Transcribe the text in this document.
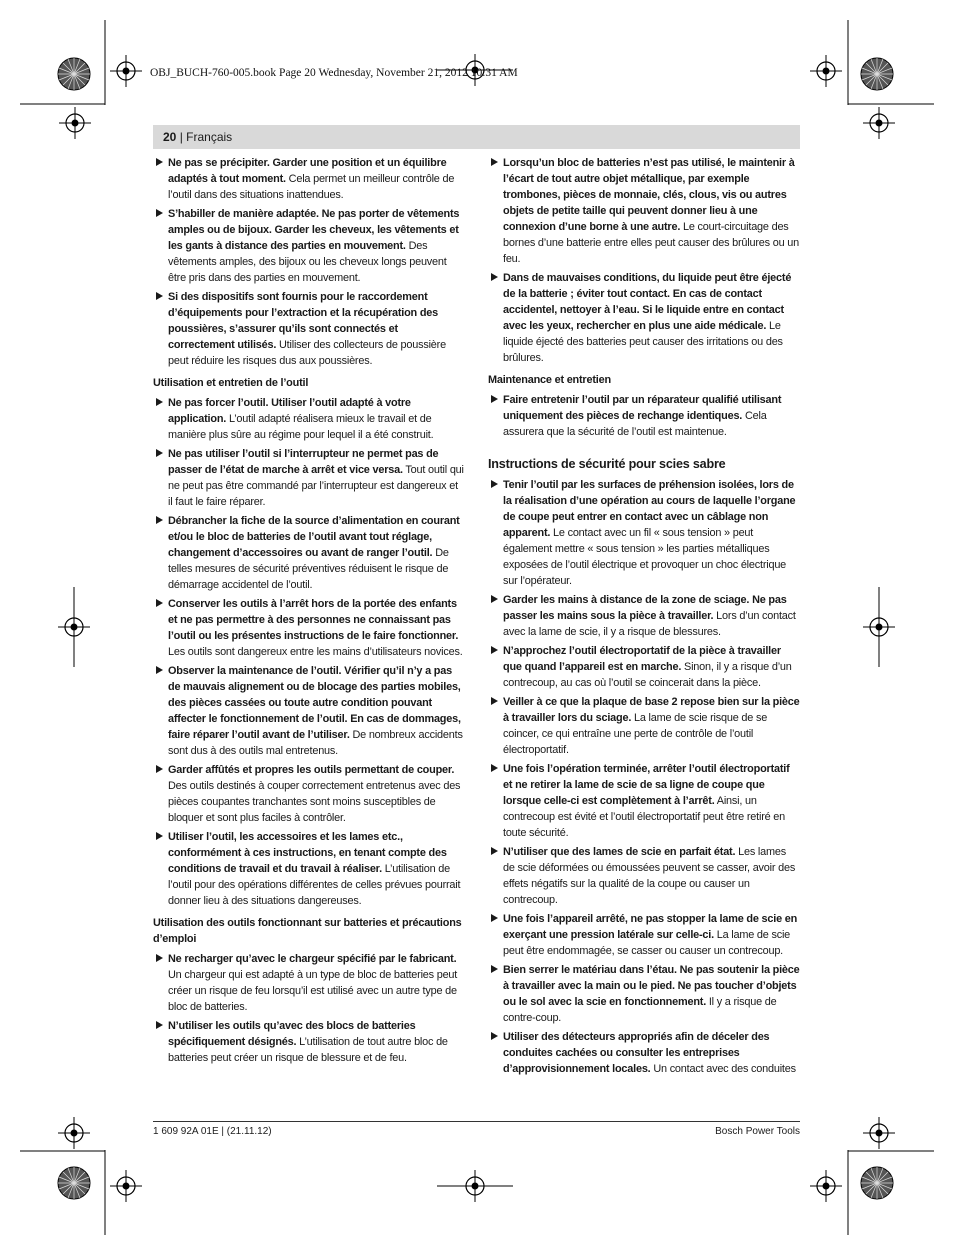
OBJ_BUCH-760-005.book Page 20 Wednesday, November 21, 2012 10:31 AM
20 | Français
Ne pas se précipiter. Garder une position et un équilibre adaptés à tout moment. Cela permet un meilleur contrôle de l’outil dans des situations inattendues.
S’habiller de manière adaptée. Ne pas porter de vêtements amples ou de bijoux. Garder les cheveux, les vêtements et les gants à distance des parties en mouvement. Des vêtements amples, des bijoux ou les cheveux longs peuvent être pris dans des parties en mouvement.
Si des dispositifs sont fournis pour le raccordement d’équipements pour l’extraction et la récupération des poussières, s’assurer qu’ils sont connectés et correctement utilisés. Utiliser des collecteurs de poussière peut réduire les risques dus aux poussières.
Utilisation et entretien de l’outil
Ne pas forcer l’outil. Utiliser l’outil adapté à votre application. L’outil adapté réalisera mieux le travail et de manière plus sûre au régime pour lequel il a été construit.
Ne pas utiliser l’outil si l’interrupteur ne permet pas de passer de l’état de marche à arrêt et vice versa. Tout outil qui ne peut pas être commandé par l’interrupteur est dangereux et il faut le faire réparer.
Débrancher la fiche de la source d’alimentation en courant et/ou le bloc de batteries de l’outil avant tout réglage, changement d’accessoires ou avant de ranger l’outil. De telles mesures de sécurité préventives réduisent le risque de démarrage accidentel de l’outil.
Conserver les outils à l’arrêt hors de la portée des enfants et ne pas permettre à des personnes ne connaissant pas l’outil ou les présentes instructions de le faire fonctionner. Les outils sont dangereux entre les mains d’utilisateurs novices.
Observer la maintenance de l’outil. Vérifier qu’il n’y a pas de mauvais alignement ou de blocage des parties mobiles, des pièces cassées ou toute autre condition pouvant affecter le fonctionnement de l’outil. En cas de dommages, faire réparer l’outil avant de l’utiliser. De nombreux accidents sont dus à des outils mal entretenus.
Garder affûtés et propres les outils permettant de couper. Des outils destinés à couper correctement entretenus avec des pièces coupantes tranchantes sont moins susceptibles de bloquer et sont plus faciles à contrôler.
Utiliser l’outil, les accessoires et les lames etc., conformément à ces instructions, en tenant compte des conditions de travail et du travail à réaliser. L’utilisation de l’outil pour des opérations différentes de celles prévues pourrait donner lieu à des situations dangereuses.
Utilisation des outils fonctionnant sur batteries et précautions d’emploi
Ne recharger qu’avec le chargeur spécifié par le fabricant. Un chargeur qui est adapté à un type de bloc de batteries peut créer un risque de feu lorsqu’il est utilisé avec un autre type de bloc de batteries.
N’utiliser les outils qu’avec des blocs de batteries spécifiquement désignés. L’utilisation de tout autre bloc de batteries peut créer un risque de blessure et de feu.
Lorsqu’un bloc de batteries n’est pas utilisé, le maintenir à l’écart de tout autre objet métallique, par exemple trombones, pièces de monnaie, clés, clous, vis ou autres objets de petite taille qui peuvent donner lieu à une connexion d’une borne à une autre. Le court-circuitage des bornes d’une batterie entre elles peut causer des brûlures ou un feu.
Dans de mauvaises conditions, du liquide peut être éjecté de la batterie ; éviter tout contact. En cas de contact accidentel, nettoyer à l’eau. Si le liquide entre en contact avec les yeux, rechercher en plus une aide médicale. Le liquide éjecté des batteries peut causer des irritations ou des brûlures.
Maintenance et entretien
Faire entretenir l’outil par un réparateur qualifié utilisant uniquement des pièces de rechange identiques. Cela assurera que la sécurité de l’outil est maintenue.
Instructions de sécurité pour scies sabre
Tenir l’outil par les surfaces de préhension isolées, lors de la réalisation d’une opération au cours de laquelle l’organe de coupe peut entrer en contact avec un câblage non apparent. Le contact avec un fil « sous tension » peut également mettre « sous tension » les parties métalliques exposées de l’outil électrique et provoquer un choc électrique sur l’opérateur.
Garder les mains à distance de la zone de sciage. Ne pas passer les mains sous la pièce à travailler. Lors d’un contact avec la lame de scie, il y a risque de blessures.
N’approchez l’outil électroportatif de la pièce à travailler que quand l’appareil est en marche. Sinon, il y a risque d’un contrecoup, au cas où l’outil se coincerait dans la pièce.
Veiller à ce que la plaque de base 2 repose bien sur la pièce à travailler lors du sciage. La lame de scie risque de se coincer, ce qui entraîne une perte de contrôle de l’outil électroportatif.
Une fois l’opération terminée, arrêter l’outil électroportatif et ne retirer la lame de scie de sa ligne de coupe que lorsque celle-ci est complètement à l’arrêt. Ainsi, un contrecoup est évité et l’outil électroportatif peut être retiré en toute sécurité.
N’utiliser que des lames de scie en parfait état. Les lames de scie déformées ou émoussées peuvent se casser, avoir des effets négatifs sur la qualité de la coupe ou causer un contrecoup.
Une fois l’appareil arrêté, ne pas stopper la lame de scie en exerçant une pression latérale sur celle-ci. La lame de scie peut être endommagée, se casser ou causer un contrecoup.
Bien serrer le matériau dans l’étau. Ne pas soutenir la pièce à travailler avec la main ou le pied. Ne pas toucher d’objets ou le sol avec la scie en fonctionnement. Il y a risque de contre-coup.
Utiliser des détecteurs appropriés afin de déceler des conduites cachées ou consulter les entreprises d’approvisionnement locales. Un contact avec des conduites
1 609 92A 01E | (21.11.12)	Bosch Power Tools
